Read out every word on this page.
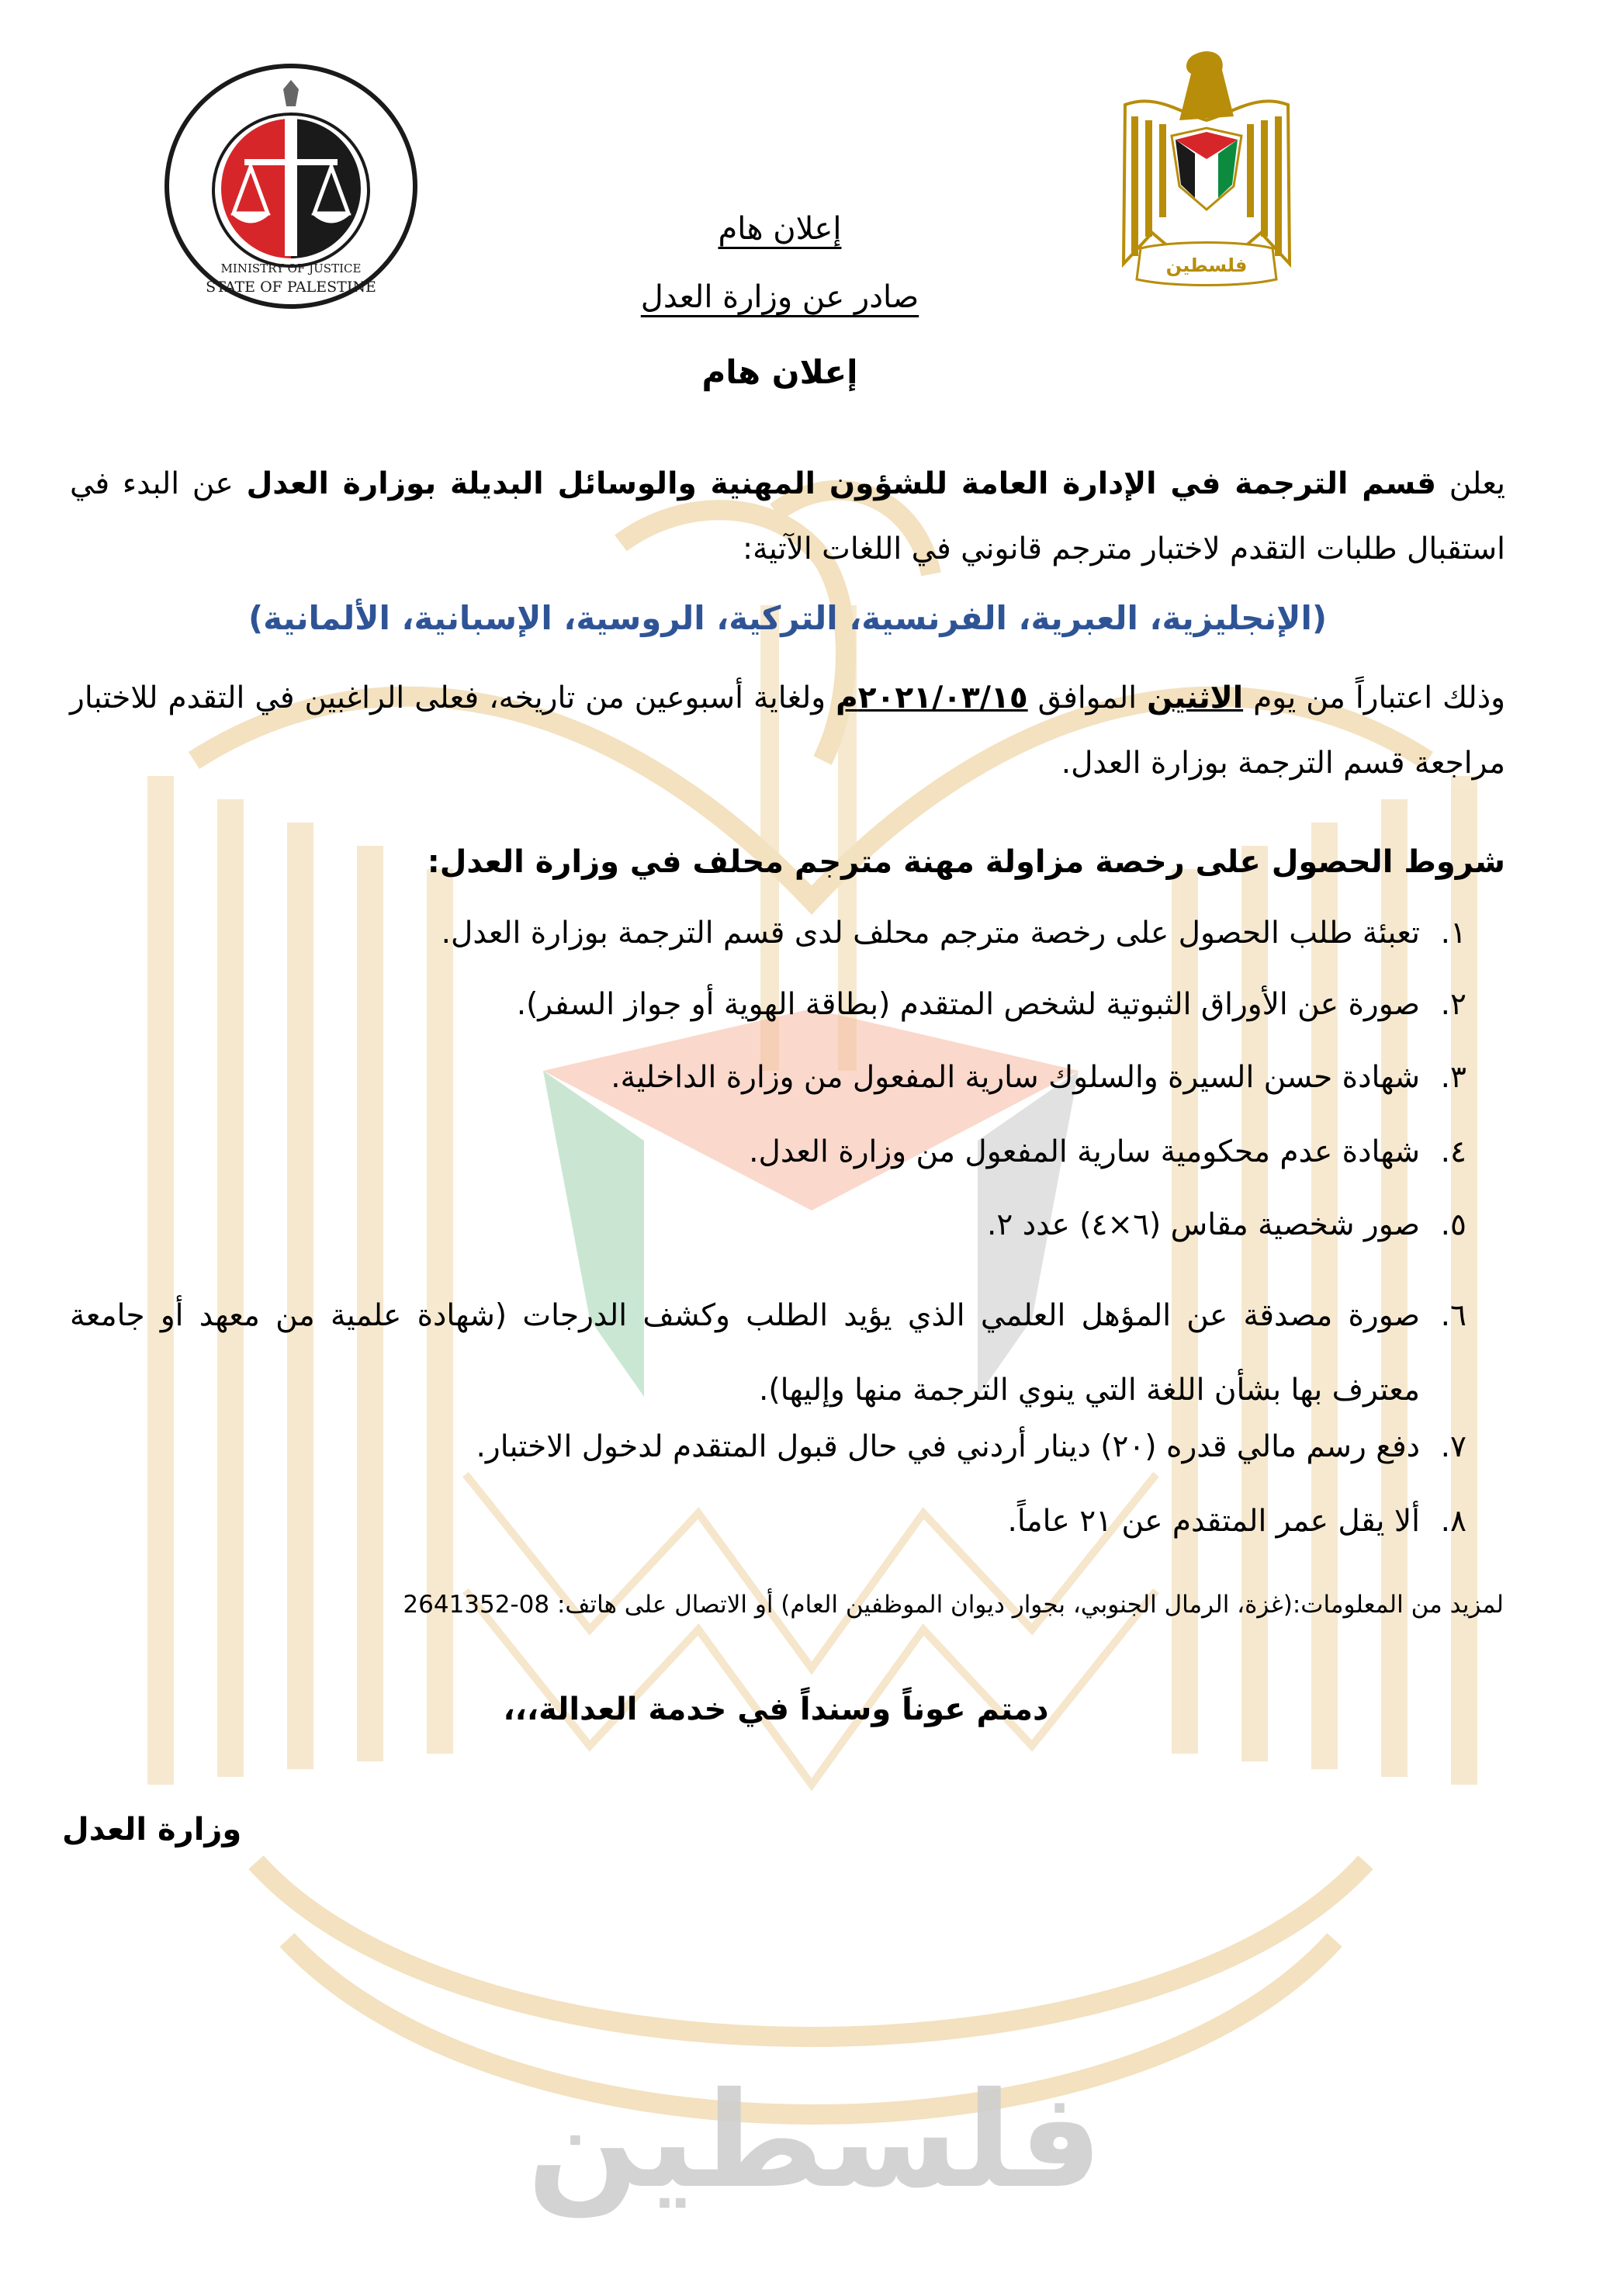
فلسطين
MINISTRY OF JUSTICE
STATE OF PALESTINE
فلسطين
إعلان هام
صادر عن وزارة العدل
إعلان هام
يعلن قسم الترجمة في الإدارة العامة للشؤون المهنية والوسائل البديلة بوزارة العدل عن البدء في استقبال طلبات التقدم لاختبار مترجم قانوني في اللغات الآتية:
(الإنجليزية، العبرية، الفرنسية، التركية، الروسية، الإسبانية، الألمانية)
وذلك اعتباراً من يوم الاثنين الموافق ٢٠٢١/٠٣/١٥م ولغاية أسبوعين من تاريخه، فعلى الراغبين في التقدم للاختبار مراجعة قسم الترجمة بوزارة العدل.
شروط الحصول على رخصة مزاولة مهنة مترجم محلف في وزارة العدل:
١.
تعبئة طلب الحصول على رخصة مترجم محلف لدى قسم الترجمة بوزارة العدل.
٢.
صورة عن الأوراق الثبوتية لشخص المتقدم (بطاقة الهوية أو جواز السفر).
٣.
شهادة حسن السيرة والسلوك سارية المفعول من وزارة الداخلية.
٤.
شهادة عدم محكومية سارية المفعول من وزارة العدل.
٥.
صور شخصية مقاس (٦×٤) عدد ٢.
٦.
صورة مصدقة عن المؤهل العلمي الذي يؤيد الطلب وكشف الدرجات (شهادة علمية من معهد أو جامعة معترف بها بشأن اللغة التي ينوي الترجمة منها وإليها).
٧.
دفع رسم مالي قدره (٢٠) دينار أردني في حال قبول المتقدم لدخول الاختبار.
٨.
ألا يقل عمر المتقدم عن ٢١ عاماً.
لمزيد من المعلومات:(غزة، الرمال الجنوبي، بجوار ديوان الموظفين العام) أو الاتصال على هاتف: 2641352-08
دمتم عوناً وسنداً في خدمة العدالة،،،
وزارة العدل
